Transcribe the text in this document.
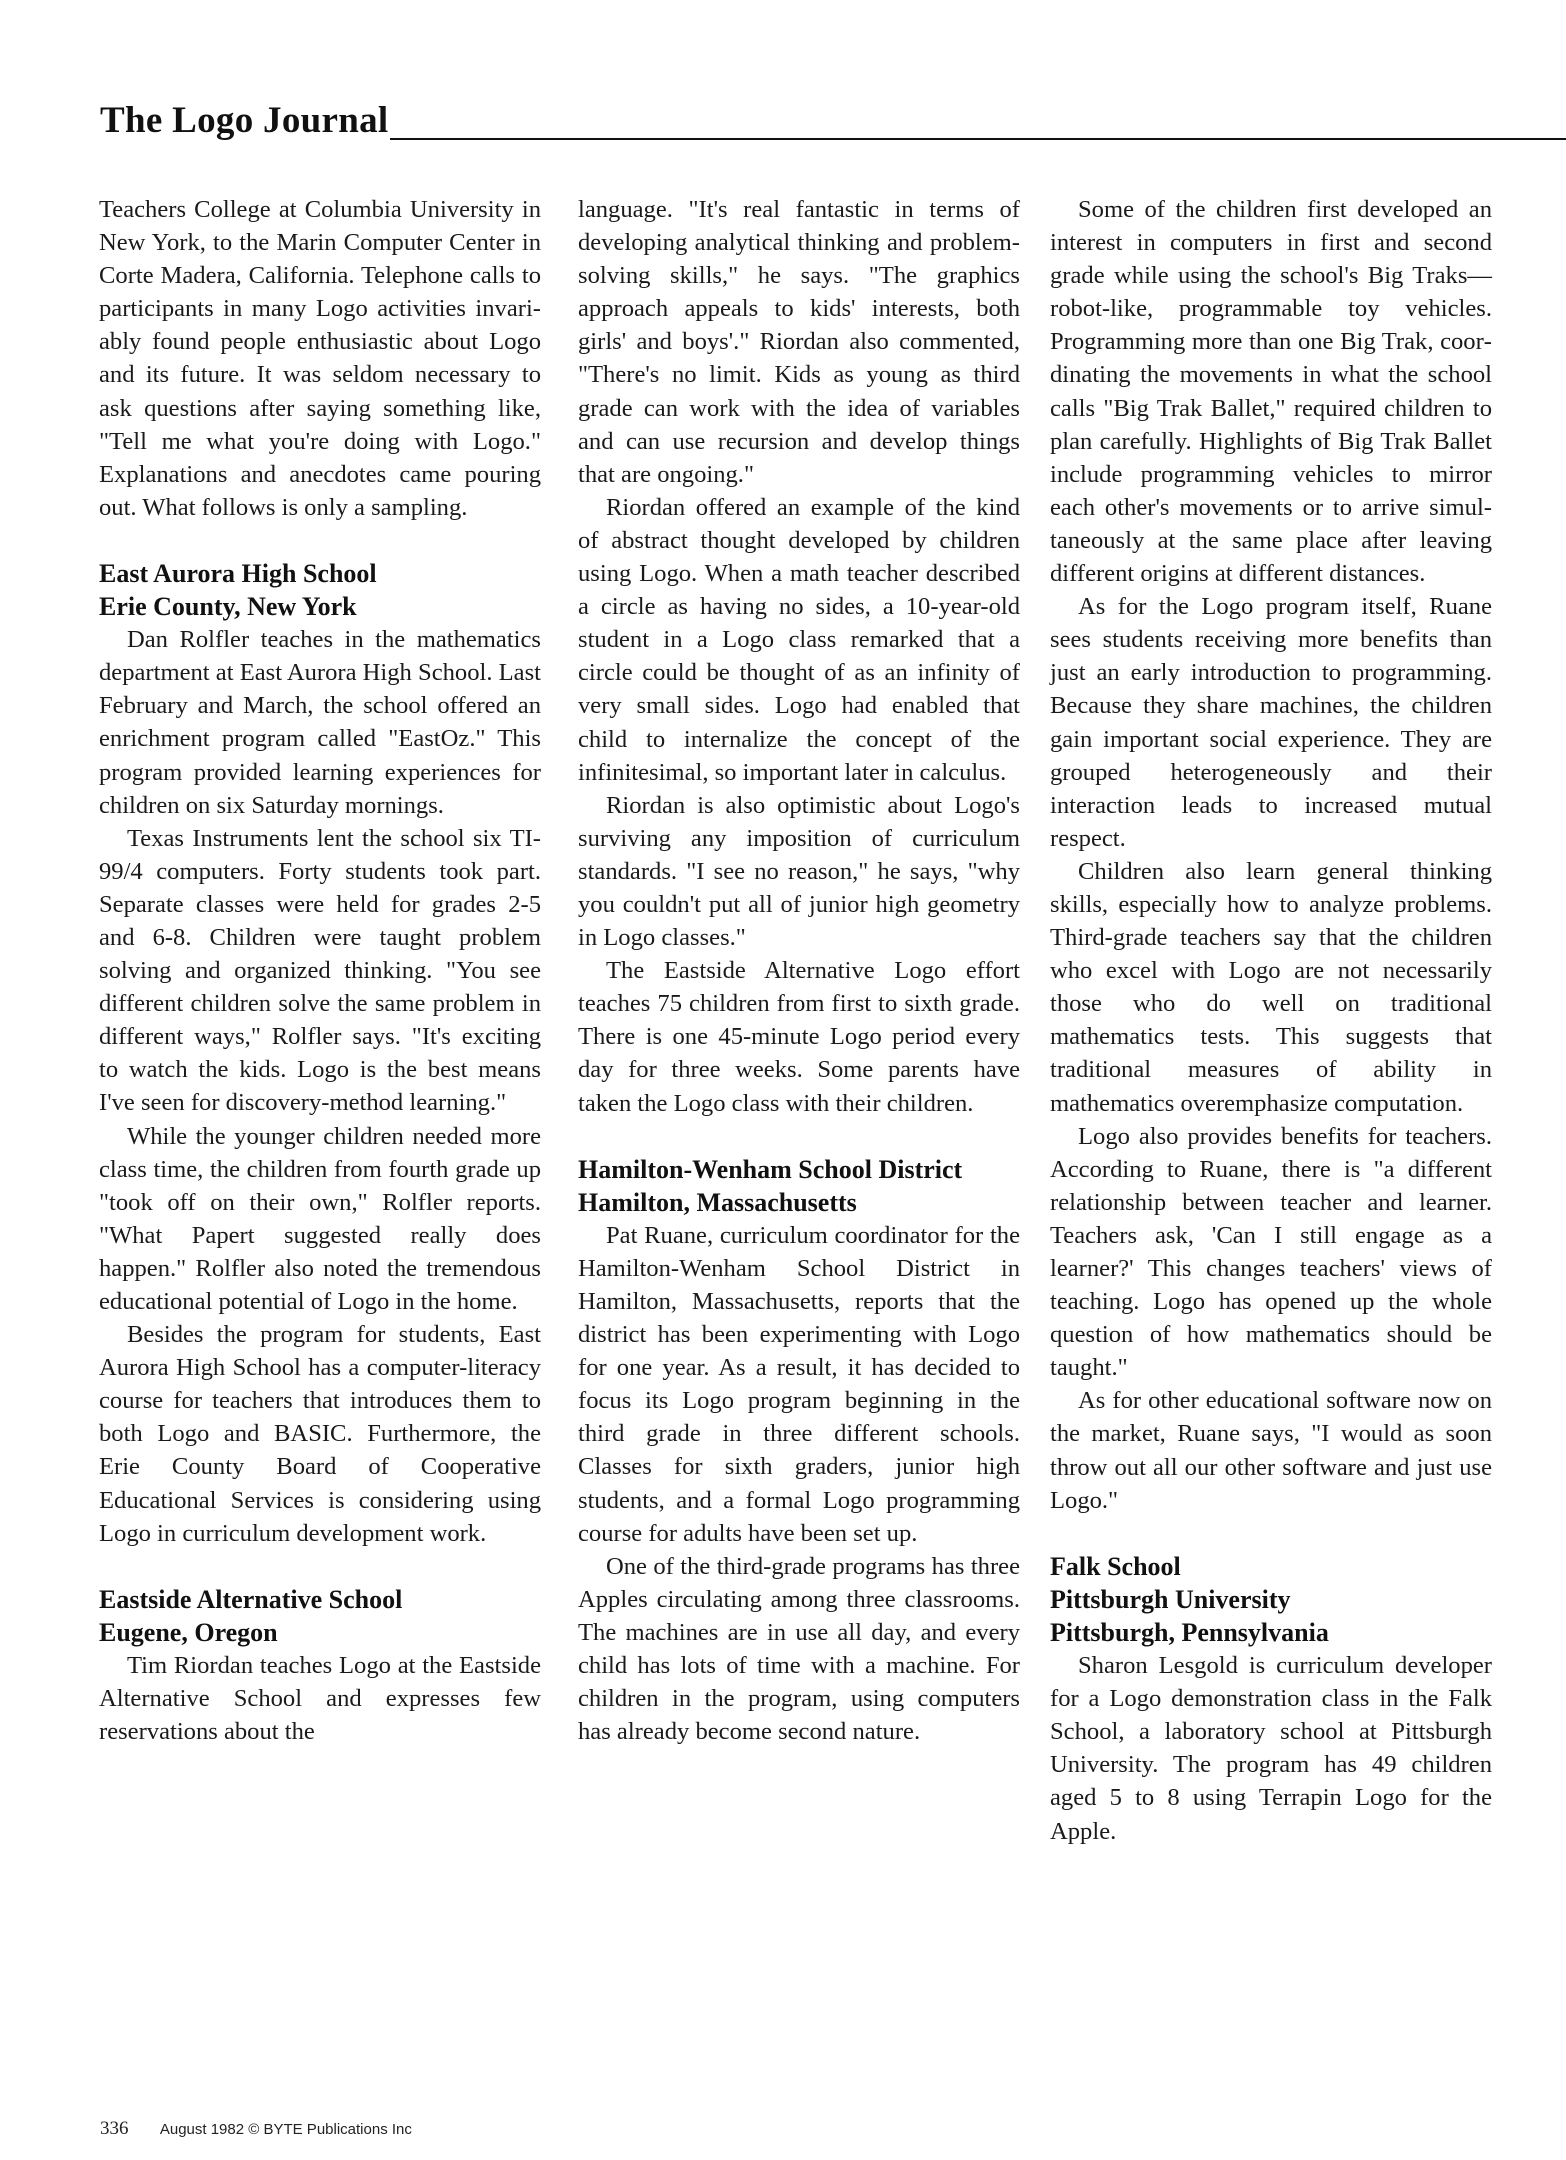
The Logo Journal

Teachers College at Columbia University in New York, to the Marin Computer Center in Corte Madera, California. Telephone calls to participants in many Logo activities invariably found people enthusiastic about Logo and its future. It was seldom necessary to ask questions after saying something like, "Tell me what you're doing with Logo." Explanations and anecdotes came pouring out. What follows is only a sampling.

East Aurora High School
Erie County, New York

Dan Rolfler teaches in the mathematics department at East Aurora High School. Last February and March, the school offered an enrichment program called "EastOz." This program provided learning experiences for children on six Saturday mornings.

Texas Instruments lent the school six TI-99/4 computers. Forty students took part. Separate classes were held for grades 2-5 and 6-8. Children were taught problem solving and organized thinking. "You see different children solve the same problem in different ways," Rolfler says. "It's exciting to watch the kids. Logo is the best means I've seen for discovery-method learning."

While the younger children needed more class time, the children from fourth grade up "took off on their own," Rolfler reports. "What Papert suggested really does happen." Rolfler also noted the tremendous educational potential of Logo in the home.

Besides the program for students, East Aurora High School has a computer-literacy course for teachers that introduces them to both Logo and BASIC. Furthermore, the Erie County Board of Cooperative Educational Services is considering using Logo in curriculum development work.

Eastside Alternative School
Eugene, Oregon

Tim Riordan teaches Logo at the Eastside Alternative School and expresses few reservations about the

language. "It's real fantastic in terms of developing analytical thinking and problem-solving skills," he says. "The graphics approach appeals to kids' interests, both girls' and boys'." Riordan also commented, "There's no limit. Kids as young as third grade can work with the idea of variables and can use recursion and develop things that are ongoing."

Riordan offered an example of the kind of abstract thought developed by children using Logo. When a math teacher described a circle as having no sides, a 10-year-old student in a Logo class remarked that a circle could be thought of as an infinity of very small sides. Logo had enabled that child to internalize the concept of the infinitesimal, so important later in calculus.

Riordan is also optimistic about Logo's surviving any imposition of curriculum standards. "I see no reason," he says, "why you couldn't put all of junior high geometry in Logo classes."

The Eastside Alternative Logo effort teaches 75 children from first to sixth grade. There is one 45-minute Logo period every day for three weeks. Some parents have taken the Logo class with their children.

Hamilton-Wenham School District
Hamilton, Massachusetts

Pat Ruane, curriculum coordinator for the Hamilton-Wenham School District in Hamilton, Massachusetts, reports that the district has been experimenting with Logo for one year. As a result, it has decided to focus its Logo program beginning in the third grade in three different schools. Classes for sixth graders, junior high students, and a formal Logo programming course for adults have been set up.

One of the third-grade programs has three Apples circulating among three classrooms. The machines are in use all day, and every child has lots of time with a machine. For children in the program, using computers has already become second nature.

Some of the children first developed an interest in computers in first and second grade while using the school's Big Traks—robot-like, programmable toy vehicles. Programming more than one Big Trak, coordinating the movements in what the school calls "Big Trak Ballet," required children to plan carefully. Highlights of Big Trak Ballet include programming vehicles to mirror each other's movements or to arrive simultaneously at the same place after leaving different origins at different distances.

As for the Logo program itself, Ruane sees students receiving more benefits than just an early introduction to programming. Because they share machines, the children gain important social experience. They are grouped heterogeneously and their interaction leads to increased mutual respect.

Children also learn general thinking skills, especially how to analyze problems. Third-grade teachers say that the children who excel with Logo are not necessarily those who do well on traditional mathematics tests. This suggests that traditional measures of ability in mathematics overemphasize computation.

Logo also provides benefits for teachers. According to Ruane, there is "a different relationship between teacher and learner. Teachers ask, 'Can I still engage as a learner?' This changes teachers' views of teaching. Logo has opened up the whole question of how mathematics should be taught."

As for other educational software now on the market, Ruane says, "I would as soon throw out all our other software and just use Logo."

Falk School
Pittsburgh University
Pittsburgh, Pennsylvania

Sharon Lesgold is curriculum developer for a Logo demonstration class in the Falk School, a laboratory school at Pittsburgh University. The program has 49 children aged 5 to 8 using Terrapin Logo for the Apple.

336 August 1982 © BYTE Publications Inc
